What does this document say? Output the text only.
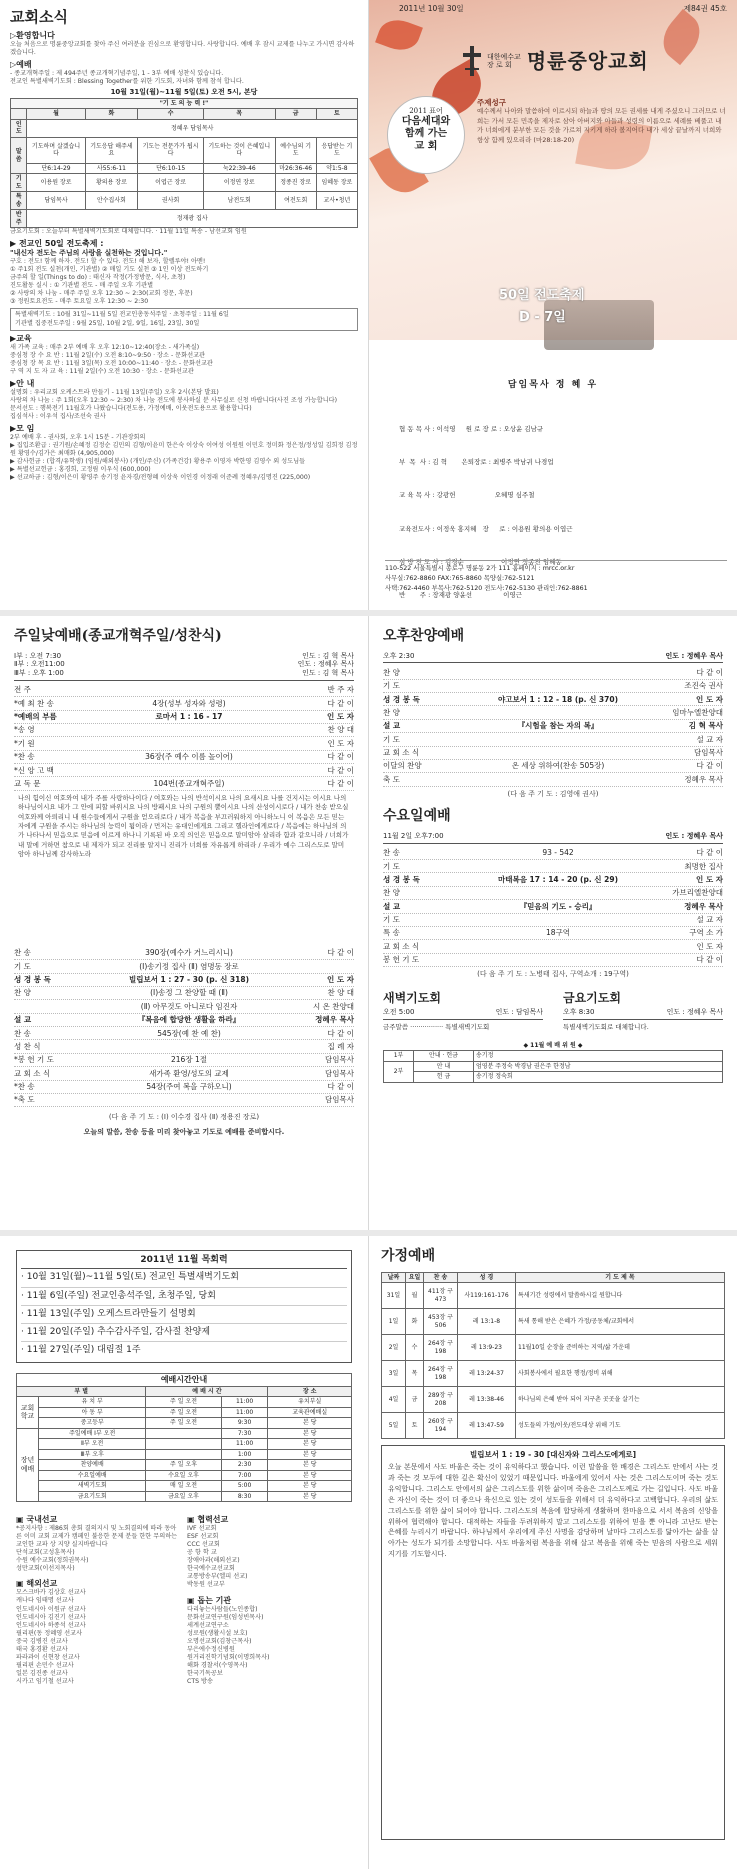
교회소식
▷환영합니다

오늘 처음으로 명륜중앙교회를 찾아 주신 여러분을 진심으로 환영합니다. 사랑합니다. 예배 후 잠시 교제를 나누고 가시면 감사하겠습니다.

▷예배

- 종교개혁주일 : 제 494주년 종교개혁기념주일, 1 - 3부 예배 성찬식 있습니다.

전교인 특별새벽기도회 : Blessing Together를 위한 기도회, 자녀와 함께 참석 합니다.

10월 31일(월)~11월 5일(토) 오전 5시, 본당
"기 도 의 능 력 !"						
	월	화	수	목	금	토
인도	정혜우 담임목사					
말씀	기도하며 살겠습니다	기도응답 해주세요	기도는 전문가가 됩시다	기도하는 것이 은혜입니다	예수님의 기도	응답받는 기도
	단6:14-29	사55:6-11	단6:10-15	눅22:39-46	마26:36-46	약1:5-8
기도	이용원 장로	황의용 장로	이엽근 장로	이정연 장로	정종진 장로	임혜동 장로
특송	담임목사	안수집사회	권사회	남전도회	여전도회	교사•청년
반주	정재광 집사					

금요기도회 : 오늘부터 특별새벽기도회로 대체합니다. · 11월 11일 특송 - 남선교회 임원

▶ 전교인 50일 전도축제 :

"내신자 전도는 주님의 사랑을 실천하는 것입니다."

구호 : 전도! 함께 하자. 전도! 할 수 있다. 전도! 해 보자, 할렐루야! 아멘!

① 주1회 전도 실천(개인, 기관별) ② 매일 기도 실천 ③ 1인 이상 전도하기

금주의 할 일(Things to do) : 태신자 작정(가정방문, 식사, 초청)

진도활동 실시 : ① 기관별 전도 - 매 주일 오후 기관별

② 사랑의 차 나눔 - 매주 주일 오후 12:30 ~ 2:30(교회 정문, 후문)

③ 정원토요전도 - 매주 토요일 오후 12:30 ~ 2:30

특별새벽기도 : 10월 31일~11월 5일 전교인총동석주일 · 초청주일 : 11월 6일

기관별 집중전도주일 : 9월 25일, 10월 2일, 9일, 16일, 23일, 30일

▶교육

새 가족 교육 : 매주 2부 예배 후 오후 12:10~12:40(장소 - 새가족실)

중심청 장 수 요 반 : 11월 2일(수) 오전 8:10~9:50 · 장소 - 문화선교관

중심청 장 목 요 반 : 11월 3일(목) 오전 10:00~11:40 · 장소 - 문화선교관

구 역 지 도 자 교 육 : 11월 2일(수) 오전 10:30 · 장소 - 문화선교관

▶안 내

설명회 : 우리교회 오케스트라 만들기 - 11월 13일(주일) 오후 2시(본당 발표)

사랑의 차 나눔 : 주 1회(오후 12:30 ~ 2:30) 차 나눔 전도에 봉사하실 분 사무실로 신청 바랍니다(사진 조성 가능합니다)

문서선도 : 행복전기 11월호가 나왔습니다(전도용, 가정예배, 이웃전도용으로 활용합니다)

집심석사 : 이우석 집사/조선숙 권사

▶모 임

2부 예배 후 - 권사회, 오후 1시 15분 - 기관장회의

▶ 집입조환급 : 권기원/손혜정 김정순 김민의 김형/이윤미 한은숙 이상숙 이여성 이원원 이민호 정미화 정은정/정성일 김희정 김정원 황영수/김가은 최매화 (4,905,000)

▶ 감사헌금 : (합격/유학생) (임원/해외봉사) (개인/주신) (가족건강) 황용주 이영자 박한영 김영수 외 성도님들

▶ 특별선교헌금 : 홍경희, 고정림 이우식 (600,000)

▶ 선교하금 : 김형/이은미 황영주 송기정 윤자경/전형혜 이상욱 이인경 이정래 이준례 정혜우/김명진 (225,000)

2011년 10월 30일	제84권 45호
대한예수교
장 로 회 명륜중앙교회
2011 표어
다음세대와
함께 가는
교 회
주제성구
예수께서 나아와 말씀하여 이르시되 하늘과 땅의 모든 권세를 내게 주셨으니 그러므로 너희는 가서 모든 민족을 제자로 삼아 아버지와 아들과 성령의 이름으로 세례를 베풀고 내가 너희에게 분부한 모든 것을 가르쳐 지키게 하라 볼지어다 내가 세상 끝날까지 너희와 항상 함께 있으리라 (마28:18-20)
50일 전도축제
D - 7일
담임목사 정 혜 우

협 동 목 사 : 이석영     원 로 장 로 : 오상윤 김남규

부  목  사 : 김 혁       은퇴장로 : 최병주 박남귀 나경업

교 육 목 사 : 강광헌                   오혜명 심주철

교육전도사 : 이정욱 홍지혜   장     로 : 이용원 황의용 이엽근

심 방 전 도 사 : 김경순                  이정연 정종진 임혜동

반       주 : 장재광 양윤선               이영근

110-522 서울특별시 종로구 명륜동 2가 111 홈페이지 : mrcc.or.kr
사무실:762-8860 FAX:765-8860 목양실:762-5121
사택:762-4460 부목사:762-5120 전도사:762-5130 관리인:762-8861
주일낮예배(종교개혁주일/성찬식)
Ⅰ부 : 오전 7:30	인도 : 김 혁 목사
Ⅱ부 : 오전11:00	인도 : 정혜우 목사
Ⅲ부 : 오후 1:00	인도 : 김 혁 목사
전 주	반 주 자
*예 최 찬 송	4장(성부 성자와 성령)	다 같 이
*예배의 부름	로마서 1 : 16 - 17	인 도 자
*송 영	찬 양 대
*기 원	인 도 자
*찬 송	36장(주 예수 이름 높이어)	다 같 이
*신 앙 고 백	다 같 이
교 독 문	104번(종교개혁주일)	다 같 이

나의 힘이신 여호와여 내가 주를 사랑하나이다 / 여호와는 나의 반석이시요 나의 요새시요 나를 건지시는 이시요 나의 하나님이시요 내가 그 안에 피할 바위시요 나의 방패시요 나의 구원의 뿔이시요 나의 산성이시로다 / 내가 찬송 받으실 여호와께 아뢰리니 내 원수들에게서 구원을 얻으리로다 / 내가 복음을 부끄러워하지 아니하노니 이 복음은 모든 믿는 자에게 구원을 주시는 하나님의 능력이 됨이라 / 먼저는 유대인에게요 그리고 헬라인에게로다 / 복음에는 하나님의 의가 나타나서 믿음으로 믿음에 이르게 하나니 기록된 바 오직 의인은 믿음으로 말미암아 살리라 함과 같으니라 / 너희가 내 말에 거하면 참으로 내 제자가 되고 진리를 알지니 진리가 너희를 자유롭게 하리라 / 우리가 예수 그리스도로 말미암아 하나님께 감사하노라

찬 송	390장(예수가 거느리시니)	다 같 이
기 도	(Ⅰ)송기정 집사 (Ⅱ) 염명동 장로
성 경 봉 독	빌립보서 1 : 27 - 30 (p. 신 318)	인 도 자
찬 양	(Ⅰ)송정 그 찬양할 때 (Ⅱ)	찬 양 대
(Ⅱ) 아무것도 아니로다 임진자	시 온 찬양대
설 교	『복음에 합당한 생활을 하라』	정혜우 목사
찬 송	545장(예 찬 예 찬)	다 같 이
성 찬 식	집 례 자
*봉 헌 기 도	216장 1절	담임목사
교 회 소 식	새가족 환영/성도의 교제	담임목사
*찬 송	54장(주여 복을 구하오니)	다 같 이
*축 도	담임목사
(다 음 주 기 도 : (Ⅰ) 이수경 집사 (Ⅱ) 정용진 장로)
오늘의 말씀, 찬송 등을 미리 찾아놓고 기도로 예배를 준비합시다.
오후찬양예배
오후 2:30	인도 : 정혜우 목사
찬 양	다 같 이
기 도	조진숙 권사
성 경 봉 독	야고보서 1 : 12 - 18 (p. 신 370)	인 도 자
찬 양	임마누엘찬양대
설 교	『시험을 참는 자의 복』	김 혁 목사
기 도	설 교 자
교 회 소 식	담임목사
이달의 찬양	온 세상 위하여(찬송 505장)	다 같 이
축 도	정혜우 목사
(다 음 주 기 도 : 김영애 권사)
수요일예배
11월 2일 오후7:00	인도 : 정혜우 목사
찬 송	93 - 542	다 같 이
기 도	최명한 집사
성 경 봉 독	마태복음 17 : 14 - 20 (p. 신 29)	인 도 자
찬 양	가브리엘찬양대
설 교	『믿음의 기도 - 승리』	정혜우 목사
기 도	설 교 자
특 송	18구역	구역 소 가
교 회 소 식	인 도 자
봉 헌 기 도	다 같 이
(다 음 주 기 도 : 노병태 집사, 구역쇼개 : 19구역)
새벽기도회
오전 5:00	인도 : 담임목사
금주말씀 ················ 특별새벽기도회
금요기도회
오후 8:30	인도 : 정혜우 목사
특별새벽기도회로 대체합니다.
◆ 11월 예 배 위 원 ◆		
1부	안내 · 헌금	송기정
2부	안 내	엄영분 주정숙 박경남 권은주 한정남
	헌 금	송기정 정숙희
2011년 11월 목회력
· 10월 31일(월)~11월 5일(토) 전교인 특별새벽기도회
· 11월 6일(주일) 전교인총석주일, 초청주일, 당회
· 11월 13일(주일) 오케스트라만들기 설명회
· 11월 20일(주일) 추수감사주일, 감사절 찬양제
· 11월 27일(주일) 대림절 1주
예배시간안내				
부 별		예 배 시 간		장 소
교회학교	유 치 부	주 일 오전	11:00	유치부실
	아 동 부	주 일 오전	11:00	교육관예배실
	중고등부	주 일 오전	9:30	본 당
장년예배	주일예배 Ⅰ부 오전		7:30	본 당
	Ⅱ부 오전		11:00	본 당
	Ⅲ부 오후		1:00	본 당
	찬양예배	주 일 오후	2:30	본 당
	수요일예배	수요일 오후	7:00	본 당
	새벽기도회	매 일 오전	5:00	본 당
	금요기도회	금요일 오후	8:30	본 당
▣ 국내선교

*공지사항 : 제86회 총회 결의지시 및 노회결의에 따라 동아른 이미 교회 교제가 캠페인 불응한 문제 분들 한한 무의하는 교인한 교파 상 지양 실지바랍니다

단석교회(고성훈목사)

수원 예수교회(정희권목사)

성만교회(이선지목사)

▣ 해외선교

모스크바카 김상호 선교사

캐나다 임태명 선교사

인도네시아 이원규 선교사

인도네시아 김진기 선교사

인도네시아 하종석 선교사

필리핀(동 정혜영 선교사

중국 김병진 선교사

태국 홍경환 선교사

파라과이 신현창 선교사

필리핀 손민수 선교사

일본 김진종 선교사

시카고 임기철 선교사

▣ 협력선교

IVF 선교회

ESF 선교회

CCC 선교회

공 항 학 교

장애아과(해외선교)

한국예수교선교회

교통방송부(엘피 선교)

박동원 선교부

▣ 돕는 기관

다리놓는사람들(노인종합)

문화선교연구원(임성빈목사)

세계선교연구소

성로원(생활시설 보호)

오명선교회(김창근목사)

부은에수정신병원

원거리진학기념회(이명희목사)

해화 경찰서(수영목사)

한국기독공보

CTS 방송

가정예배
날짜	요일	찬 송	성 경	기 도 제 목
31일	월	411장 구 473	사119:161-176	특새기간 성령에서 말씀하시길 원합니다
1일	화	453장 구 506	레 13:1-8	특새 통해 받은 은혜가 가정/공동체/교회에서
2일	수	264장 구 198	레 13:9-23	11월10일 순장을 준비하는 지역/삶 가운데
3일	목	264장 구 198	레 13:24-37	사회봉사에서 필요한 행정/정비 위해
4일	금	289장 구 208	레 13:38-46	하나님의 은혜 받아 되어 지구촌 곳곳을 살기는
5일	토	260장 구 194	레 13:47-59	성도들의 가정/이웃/전도대상 위해 기도
빌립보서 1 : 19 - 30 [대신자와 그리스도에게로]

오늘 본문에서 사도 바울은 죽는 것이 유익하다고 했습니다. 이런 말씀을 한 배경은 그리스도 안에서 사는 것과 죽는 것 모두에 대한 깊은 확신이 있었기 때문입니다. 바울에게 있어서 사는 것은 그리스도이며 죽는 것도 유익합니다. 그리스도 안에서의 삶은 그리스도를 위한 삶이며 죽음은 그리스도께로 가는 길입니다. 사도 바울은 자신이 죽는 것이 더 좋으나 육신으로 있는 것이 성도들을 위해서 더 유익하다고 고백합니다. 우리의 삶도 그리스도를 위한 삶이 되어야 합니다. 그리스도의 복음에 합당하게 생활하며 한마음으로 서서 복음의 신앙을 위하여 협력해야 합니다. 대적하는 자들을 두려워하지 말고 그리스도를 위하여 믿을 뿐 아니라 고난도 받는 은혜를 누리시기 바랍니다. 하나님께서 우리에게 주신 사명을 감당하며 날마다 그리스도를 닮아가는 삶을 살아가는 성도가 되기를 소망합니다. 사도 바울처럼 복음을 위해 살고 복음을 위해 죽는 믿음의 사람으로 세워지기를 기도합시다.
